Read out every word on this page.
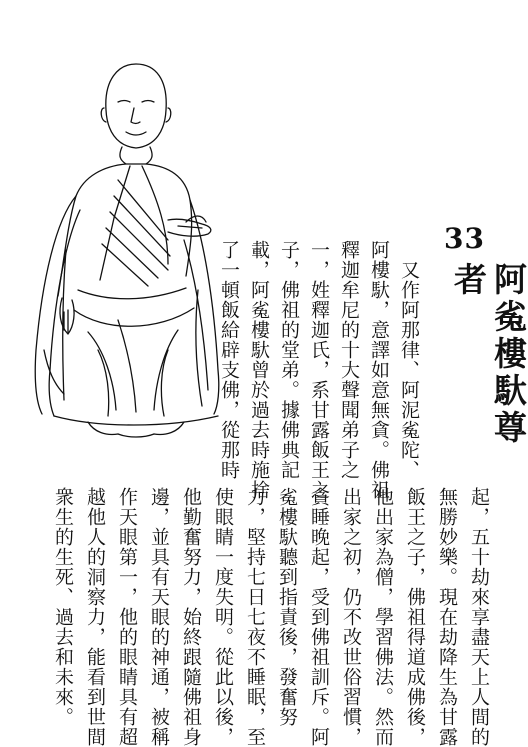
33
阿㝹樓馱尊者
　又作阿那律、阿泥㝹陀、
阿樓馱，意譯如意無貪。佛祖
釋迦牟尼的十大聲聞弟子之
一，姓釋迦氏，系甘露飯王之
子，佛祖的堂弟。據佛典記
載，阿㝹樓馱曾於過去時施捨
了一頓飯給辟支佛，從那時
起，五十劫來享盡天上人間的
無勝妙樂。現在劫降生為甘露
飯王之子，佛祖得道成佛後，
他出家為僧，學習佛法。然而
出家之初，仍不改世俗習慣，
貪睡晚起，受到佛祖訓斥。阿
㝹樓馱聽到指責後，發奮努
力，堅持七日七夜不睡眠，至
使眼睛一度失明。從此以後，
他勤奮努力，始終跟隨佛祖身
邊，並具有天眼的神通，被稱
作天眼第一，他的眼睛具有超
越他人的洞察力，能看到世間
衆生的生死、過去和未來。
